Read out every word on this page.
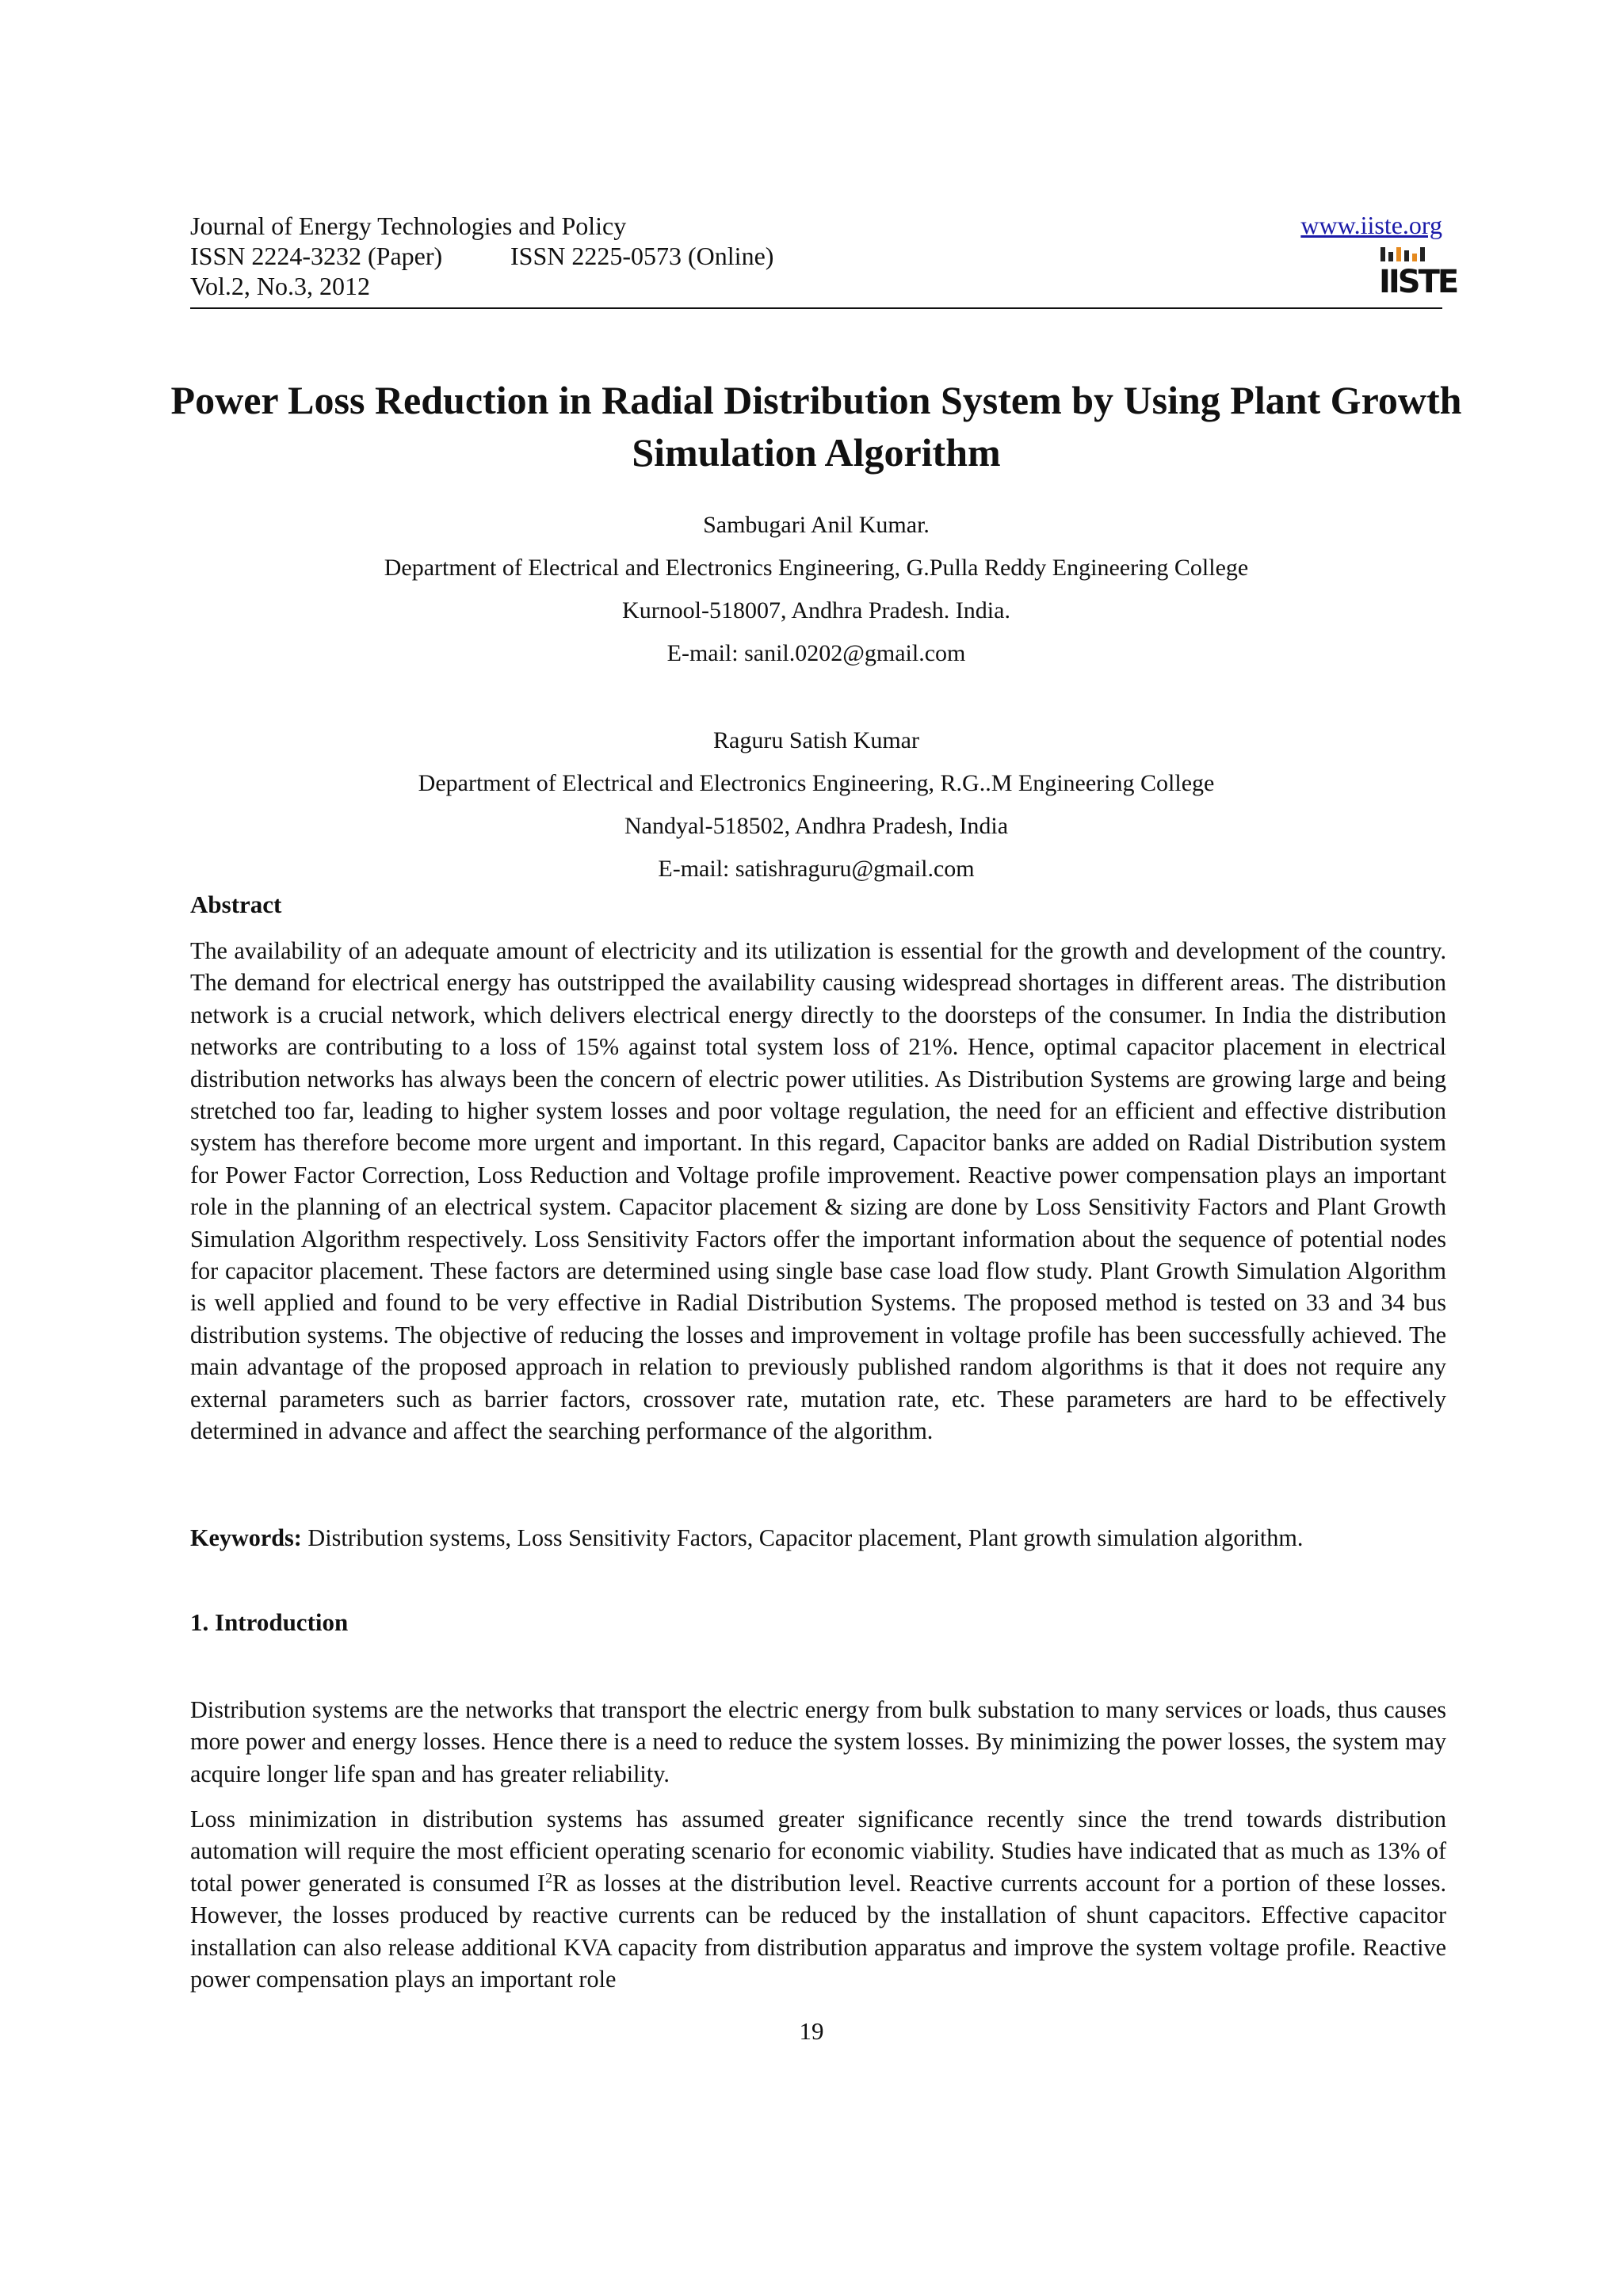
Journal of Energy Technologies and Policy
ISSN 2224-3232 (Paper)	ISSN 2225-0573 (Online)
Vol.2, No.3, 2012
www.iiste.org
IISTE
Power Loss Reduction in Radial Distribution System by Using Plant Growth Simulation Algorithm

Sambugari Anil Kumar.

Department of Electrical and Electronics Engineering, G.Pulla Reddy Engineering College

Kurnool-518007, Andhra Pradesh. India.

E-mail: sanil.0202@gmail.com

Raguru Satish Kumar

Department of Electrical and Electronics Engineering, R.G..M Engineering College

Nandyal-518502, Andhra Pradesh, India

E-mail: satishraguru@gmail.com

Abstract

The availability of an adequate amount of electricity and its utilization is essential for the growth and development of the country. The demand for electrical energy has outstripped the availability causing widespread shortages in different areas. The distribution network is a crucial network, which delivers electrical energy directly to the doorsteps of the consumer. In India the distribution networks are contributing to a loss of 15% against total system loss of 21%. Hence, optimal capacitor placement in electrical distribution networks has always been the concern of electric power utilities. As Distribution Systems are growing large and being stretched too far, leading to higher system losses and poor voltage regulation, the need for an efficient and effective distribution system has therefore become more urgent and important. In this regard, Capacitor banks are added on Radial Distribution system for Power Factor Correction, Loss Reduction and Voltage profile improvement. Reactive power compensation plays an important role in the planning of an electrical system. Capacitor placement & sizing are done by Loss Sensitivity Factors and Plant Growth Simulation Algorithm respectively. Loss Sensitivity Factors offer the important information about the sequence of potential nodes for capacitor placement. These factors are determined using single base case load flow study. Plant Growth Simulation Algorithm is well applied and found to be very effective in Radial Distribution Systems. The proposed method is tested on 33 and 34 bus distribution systems. The objective of reducing the losses and improvement in voltage profile has been successfully achieved. The main advantage of the proposed approach in relation to previously published random algorithms is that it does not require any external parameters such as barrier factors, crossover rate, mutation rate, etc. These parameters are hard to be effectively determined in advance and affect the searching performance of the algorithm.

Keywords: Distribution systems, Loss Sensitivity Factors, Capacitor placement, Plant growth simulation algorithm.

1. Introduction

Distribution systems are the networks that transport the electric energy from bulk substation to many services or loads, thus causes more power and energy losses. Hence there is a need to reduce the system losses. By minimizing the power losses, the system may acquire longer life span and has greater reliability.

Loss minimization in distribution systems has assumed greater significance recently since the trend towards distribution automation will require the most efficient operating scenario for economic viability. Studies have indicated that as much as 13% of total power generated is consumed $I^2R$ as losses at the distribution level. Reactive currents account for a portion of these losses. However, the losses produced by reactive currents can be reduced by the installation of shunt capacitors. Effective capacitor installation can also release additional KVA capacity from distribution apparatus and improve the system voltage profile. Reactive power compensation plays an important role

19
